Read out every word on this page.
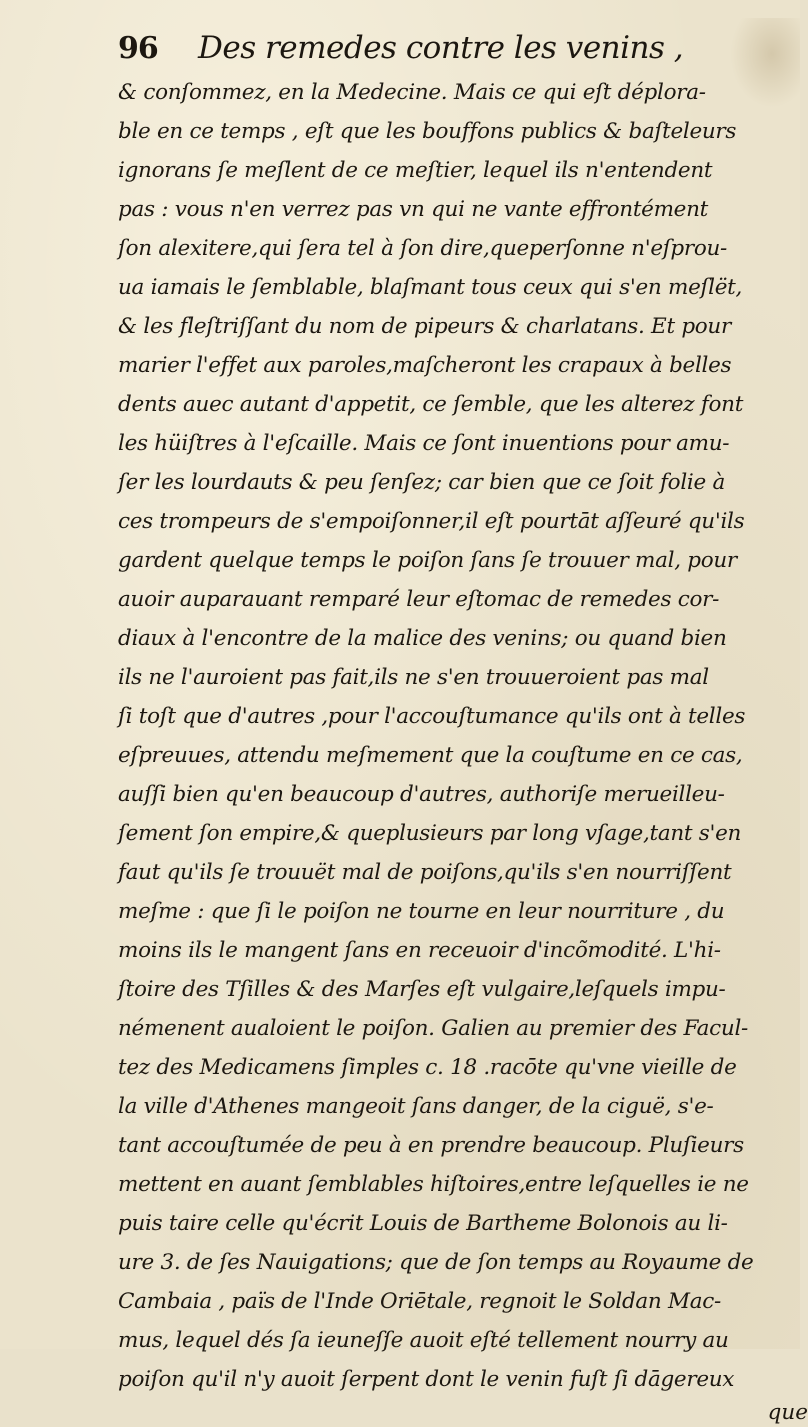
96	Des remedes contre les venins ,
& conſommez, en la Medecine. Mais ce qui eſt déplora-
ble en ce temps , eſt que les bouffons publics & baſteleurs
ignorans ſe meſlent de ce meſtier, lequel ils n'entendent
pas : vous n'en verrez pas vn qui ne vante effrontément
ſon alexitere,qui ſera tel à ſon dire,queperſonne n'eſprou-
ua iamais le ſemblable, blaſmant tous ceux qui s'en meſlët,
& les fleſtriſſant du nom de pipeurs & charlatans. Et pour
marier l'effet aux paroles,maſcheront les crapaux à belles
dents auec autant d'appetit, ce ſemble, que les alterez font
les hüiſtres à l'eſcaille. Mais ce ſont inuentions pour amu-
ſer les lourdauts & peu ſenſez; car bien que ce ſoit folie à
ces trompeurs de s'empoiſonner,il eſt pourtāt aſſeuré qu'ils
gardent quelque temps le poiſon ſans ſe trouuer mal, pour
auoir auparauant remparé leur eſtomac de remedes cor-
diaux à l'encontre de la malice des venins; ou quand bien
ils ne l'auroient pas fait,ils ne s'en trouueroient pas mal
ſi toſt que d'autres ,pour l'accouſtumance qu'ils ont à telles
eſpreuues, attendu meſmement que la couſtume en ce cas,
auſſi bien qu'en beaucoup d'autres, authoriſe merueilleu-
ſement ſon empire,& queplusieurs par long vſage,tant s'en
faut qu'ils ſe trouuët mal de poiſons,qu'ils s'en nourriſſent
meſme : que ſi le poiſon ne tourne en leur nourriture , du
moins ils le mangent ſans en receuoir d'incõmodité. L'hi-
ſtoire des Tſilles & des Marſes eſt vulgaire,leſquels impu-
némenent aualoient le poiſon. Galien au premier des Facul-
tez des Medicamens ſimples c. 18 .racōte qu'vne vieille de
la ville d'Athenes mangeoit ſans danger, de la ciguë, s'e-
tant accouſtumée de peu à en prendre beaucoup. Pluſieurs
mettent en auant ſemblables hiſtoires,entre leſquelles ie ne
puis taire celle qu'écrit Louis de Bartheme Bolonois au li-
ure 3. de ſes Nauigations; que de ſon temps au Royaume de
Cambaia , païs de l'Inde Oriētale, regnoit le Soldan Mac-
mus, lequel dés ſa ieuneſſe auoit eſté tellement nourry au
poiſon qu'il n'y auoit ſerpent dont le venin fuſt ſi dāgereux
que
